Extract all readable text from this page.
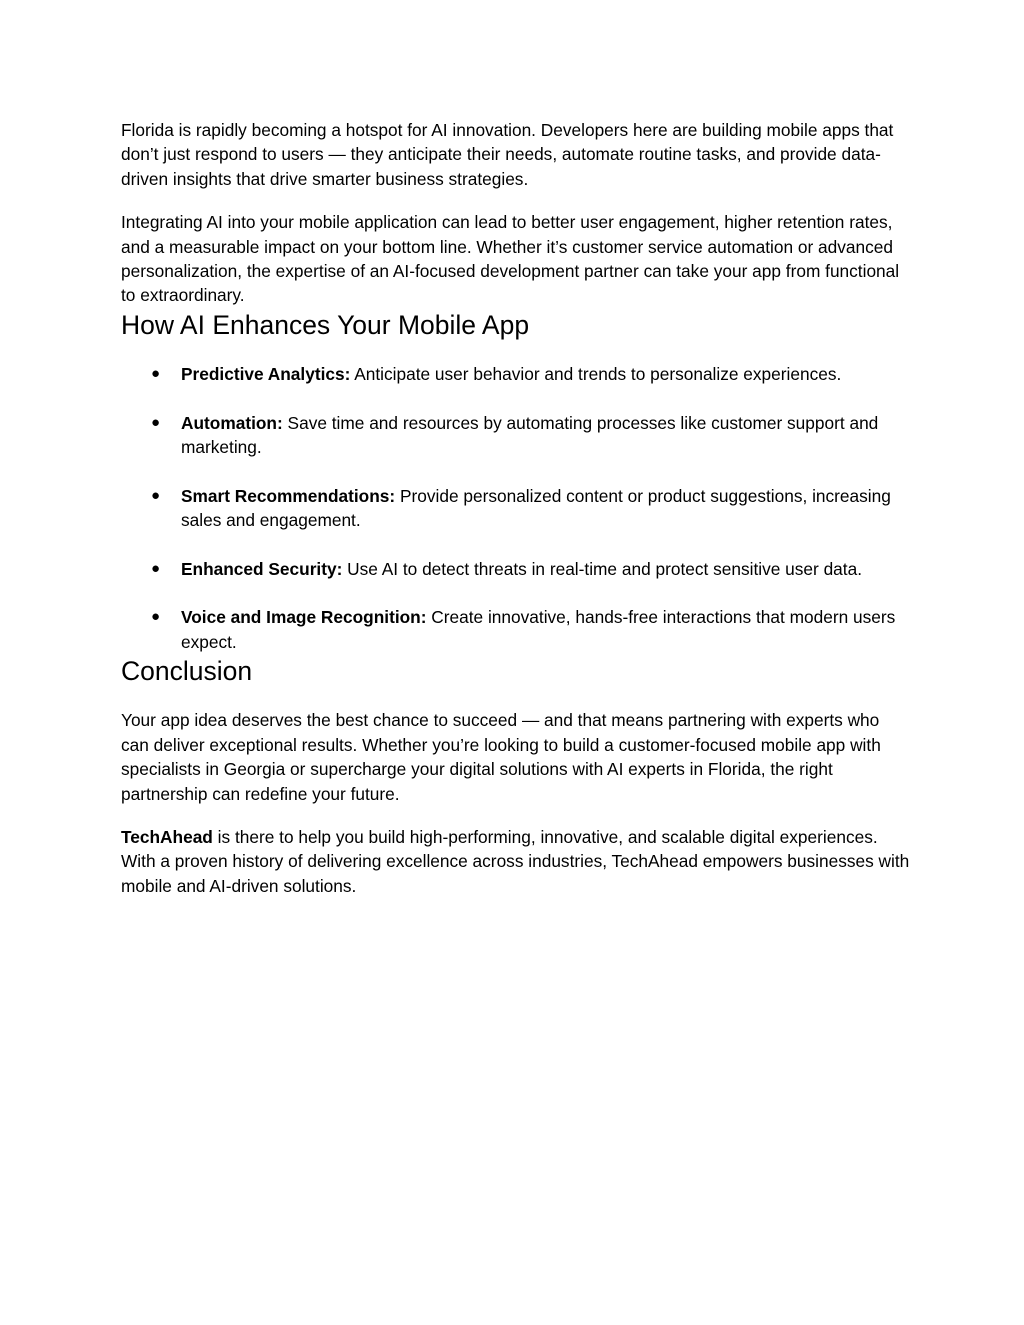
Florida is rapidly becoming a hotspot for AI innovation. Developers here are building mobile apps that don’t just respond to users — they anticipate their needs, automate routine tasks, and provide data-driven insights that drive smarter business strategies.

Integrating AI into your mobile application can lead to better user engagement, higher retention rates, and a measurable impact on your bottom line. Whether it’s customer service automation or advanced personalization, the expertise of an AI-focused development partner can take your app from functional to extraordinary.

How AI Enhances Your Mobile App
● Predictive Analytics: Anticipate user behavior and trends to personalize experiences.
● Automation: Save time and resources by automating processes like customer support and marketing.
● Smart Recommendations: Provide personalized content or product suggestions, increasing sales and engagement.
● Enhanced Security: Use AI to detect threats in real-time and protect sensitive user data.
● Voice and Image Recognition: Create innovative, hands-free interactions that modern users expect.
Conclusion

Your app idea deserves the best chance to succeed — and that means partnering with experts who can deliver exceptional results. Whether you’re looking to build a customer-focused mobile app with specialists in Georgia or supercharge your digital solutions with AI experts in Florida, the right partnership can redefine your future.

TechAhead is there to help you build high-performing, innovative, and scalable digital experiences. With a proven history of delivering excellence across industries, TechAhead empowers businesses with mobile and AI-driven solutions.
